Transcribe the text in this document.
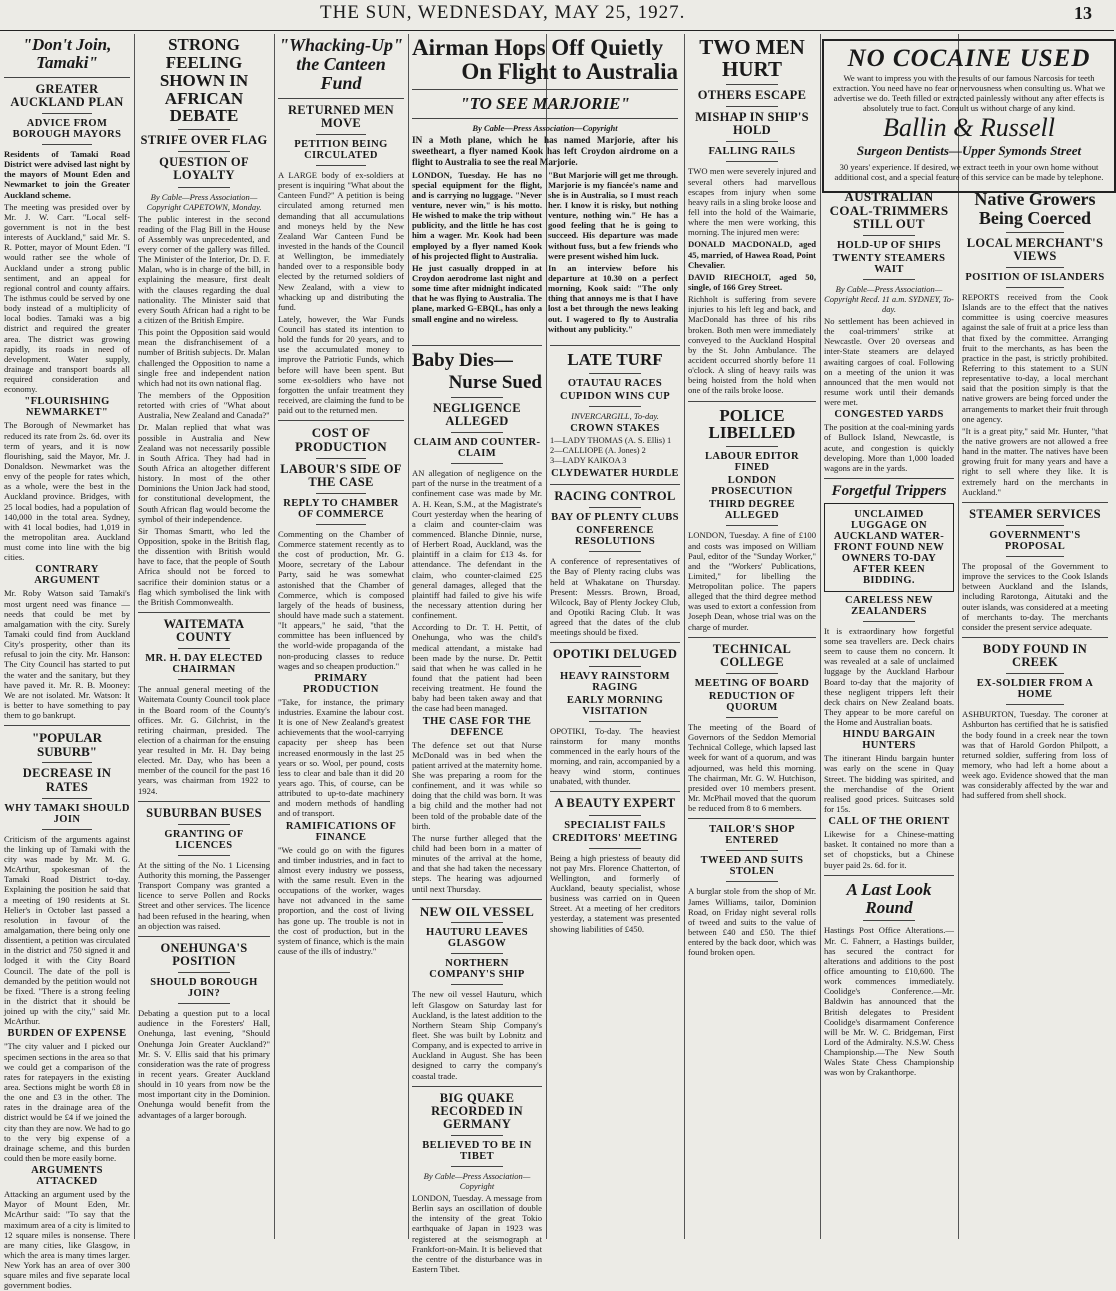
THE SUN, WEDNESDAY, MAY 25, 1927.	13
"Don't Join, Tamaki"
GREATER AUCKLAND PLAN
ADVICE FROM BOROUGH MAYORS
Residents of Tamaki Road District were advised last night by the mayors of Mount Eden and Newmarket to join the Greater Auckland scheme.
The meeting was presided over by Mr. J. W. Carr. "Local self-government is not in the best interests of Auckland," said Mr. S. R. Potter, mayor of Mount Eden. "I would rather see the whole of Auckland under a strong public sentiment, and an appeal for regional control and county affairs. The isthmus could be served by one body instead of a multiplicity of local bodies. Tamaki was a big district and required the greater area. The district was growing rapidly, its roads in need of development. Water supply, drainage and transport boards all required consideration and economy.
"FLOURISHING NEWMARKET"
The Borough of Newmarket has reduced its rate from 2s. 6d. over its term of years, and it is now flourishing, said the Mayor, Mr. J. Donaldson. Newmarket was the envy of the people for rates which, as a whole, were the best in the Auckland province. Bridges, with 25 local bodies, had a population of 140,000 in the total area. Sydney, with 41 local bodies, had 1,019 in the metropolitan area. Auckland must come into line with the big cities.
CONTRARY ARGUMENT
Mr. Roby Watson said Tamaki's most urgent need was finance — needs that could be met by amalgamation with the city. Surely Tamaki could find from Auckland City's prosperity, other than its refusal to join the city. Mr. Hanson: The City Council has started to put the water and the sanitary, but they have paved it. Mr. R. B. Mooney: We are not isolated. Mr. Watson: It is better to have something to pay them to go bankrupt.
"POPULAR SUBURB"
DECREASE IN RATES
WHY TAMAKI SHOULD JOIN
Criticism of the arguments against the linking up of Tamaki with the city was made by Mr. M. G. McArthur, spokesman of the Tamaki Road District to-day. Explaining the position he said that a meeting of 190 residents at St. Helier's in October last passed a resolution in favour of the amalgamation, there being only one dissentient, a petition was circulated in the district and 750 signed it and lodged it with the City Board Council. The date of the poll is demanded by the petition would not be fixed. "There is a strong feeling in the district that it should be joined up with the city," said Mr. McArthur.
BURDEN OF EXPENSE
"The city valuer and I picked our specimen sections in the area so that we could get a comparison of the rates for ratepayers in the existing area. Sections might be worth £8 in the one and £3 in the other. The rates in the drainage area of the district would be £4 if we joined the city than they are now. We had to go to the very big expense of a drainage scheme, and this burden could then be more easily borne.
ARGUMENTS ATTACKED
Attacking an argument used by the Mayor of Mount Eden, Mr. McArthur said: "To say that the maximum area of a city is limited to 12 square miles is nonsense. There are many cities, like Glasgow, in which the area is many times larger. New York has an area of over 300 square miles and five separate local government bodies.
STRONG FEELING SHOWN IN AFRICAN DEBATE
STRIFE OVER FLAG
QUESTION OF LOYALTY
By Cable—Press Association—Copyright CAPETOWN, Monday.
The public interest in the second reading of the Flag Bill in the House of Assembly was unprecedented, and every corner of the gallery was filled. The Minister of the Interior, Dr. D. F. Malan, who is in charge of the bill, in explaining the measure, first dealt with the clauses regarding the dual nationality. The Minister said that every South African had a right to be a citizen of the British Empire.
This point the Opposition said would mean the disfranchisement of a number of British subjects. Dr. Malan challenged the Opposition to name a single free and independent nation which had not its own national flag.
The members of the Opposition retorted with cries of "What about Australia, New Zealand and Canada?"
Dr. Malan replied that what was possible in Australia and New Zealand was not necessarily possible in South Africa. They had had in South Africa an altogether different history. In most of the other Dominions the Union Jack had stood, for constitutional development, the South African flag would become the symbol of their independence.
Sir Thomas Smartt, who led the Opposition, spoke in the British flag, the dissention with British would have to face, that the people of South Africa should not be forced to sacrifice their dominion status or a flag which symbolised the link with the British Commonwealth.
WAITEMATA COUNTY
MR. H. DAY ELECTED CHAIRMAN
The annual general meeting of the Waitemata County Council took place in the Board room of the County's offices. Mr. G. Gilchrist, in the retiring chairman, presided. The election of a chairman for the ensuing year resulted in Mr. H. Day being elected. Mr. Day, who has been a member of the council for the past 16 years, was chairman from 1922 to 1924.
SUBURBAN BUSES
GRANTING OF LICENCES
At the sitting of the No. 1 Licensing Authority this morning, the Passenger Transport Company was granted a licence to serve Pollen and Rocks Street and other services. The licence had been refused in the hearing, when an objection was raised.
ONEHUNGA'S POSITION
SHOULD BOROUGH JOIN?
Debating a question put to a local audience in the Foresters' Hall, Onehunga, last evening, "Should Onehunga Join Greater Auckland?" Mr. S. V. Ellis said that his primary consideration was the rate of progress in recent years. Greater Auckland should in 10 years from now be the most important city in the Dominion. Onehunga would benefit from the advantages of a larger borough.
"Whacking-Up" the Canteen Fund
RETURNED MEN MOVE
PETITION BEING CIRCULATED
A LARGE body of ex-soldiers at present is inquiring "What about the Canteen Fund?" A petition is being circulated among returned men demanding that all accumulations and moneys held by the New Zealand War Canteen Fund be invested in the hands of the Council at Wellington, be immediately handed over to a responsible body elected by the returned soldiers of New Zealand, with a view to whacking up and distributing the fund.
Lately, however, the War Funds Council has stated its intention to hold the funds for 20 years, and to use the accumulated money to improve the Patriotic Funds, which before will have been spent. But some ex-soldiers who have not forgotten the unfair treatment they received, are claiming the fund to be paid out to the returned men.
COST OF PRODUCTION
LABOUR'S SIDE OF THE CASE
REPLY TO CHAMBER OF COMMERCE
Commenting on the Chamber of Commerce statement recently as to the cost of production, Mr. G. Moore, secretary of the Labour Party, said he was somewhat astonished that the Chamber of Commerce, which is composed largely of the heads of business, should have made such a statement. "It appears," he said, "that the committee has been influenced by the world-wide propaganda of the non-producing classes to reduce wages and so cheapen production."
PRIMARY PRODUCTION
"Take, for instance, the primary industries. Examine the labour cost. It is one of New Zealand's greatest achievements that the wool-carrying capacity per sheep has been increased enormously in the last 25 years or so. Wool, per pound, costs less to clear and bale than it did 20 years ago. This, of course, can be attributed to up-to-date machinery and modern methods of handling and of transport.
RAMIFICATIONS OF FINANCE
"We could go on with the figures and timber industries, and in fact to almost every industry we possess, with the same result. Even in the occupations of the worker, wages have not advanced in the same proportion, and the cost of living has gone up. The trouble is not in the cost of production, but in the system of finance, which is the main cause of the ills of industry."
Airman Hops Off Quietly
On Flight to Australia
"TO SEE MARJORIE"
By Cable—Press Association—Copyright
IN a Moth plane, which he has named Marjorie, after his sweetheart, a flyer named Kook has left Croydon airdrome on a flight to Australia to see the real Marjorie.
LONDON, Tuesday. He has no special equipment for the flight, and is carrying no luggage. "Never venture, never win," is his motto. He wished to make the trip without publicity, and the little he has cost him a wager. Mr. Kook had been employed by a flyer named Kook of his projected flight to Australia.
He just casually dropped in at Croydon aerodrome last night and some time after midnight indicated that he was flying to Australia. The plane, marked G-EBQL, has only a small engine and no wireless.
"But Marjorie will get me through. Marjorie is my fiancée's name and she is in Australia, so I must reach her. I know it is risky, but nothing venture, nothing win." He has a good feeling that he is going to succeed. His departure was made without fuss, but a few friends who were present wished him luck.
In an interview before his departure at 10.30 on a perfect morning, Kook said: "The only thing that annoys me is that I have lost a bet through the news leaking out. I wagered to fly to Australia without any publicity."
Baby Dies—
Nurse Sued
NEGLIGENCE ALLEGED
CLAIM AND COUNTER-CLAIM
AN allegation of negligence on the part of the nurse in the treatment of a confinement case was made by Mr. A. H. Kean, S.M., at the Magistrate's Court yesterday when the hearing of a claim and counter-claim was commenced. Blanche Dinnie, nurse, of Herbert Road, Auckland, was the plaintiff in a claim for £13 4s. for attendance. The defendant in the claim, who counter-claimed £25 general damages, alleged that the plaintiff had failed to give his wife the necessary attention during her confinement.
According to Dr. T. H. Pettit, of Onehunga, who was the child's medical attendant, a mistake had been made by the nurse. Dr. Pettit said that when he was called in he found that the patient had been receiving treatment. He found the baby had been taken away and that the case had been managed.
THE CASE FOR THE DEFENCE
The defence set out that Nurse McDonald was in bed when the patient arrived at the maternity home. She was preparing a room for the confinement, and it was while so doing that the child was born. It was a big child and the mother had not been told of the probable date of the birth.
The nurse further alleged that the child had been born in a matter of minutes of the arrival at the home, and that she had taken the necessary steps. The hearing was adjourned until next Thursday.
NEW OIL VESSEL
HAUTURU LEAVES GLASGOW
NORTHERN COMPANY'S SHIP
The new oil vessel Hauturu, which left Glasgow on Saturday last for Auckland, is the latest addition to the Northern Steam Ship Company's fleet. She was built by Lobnitz and Company, and is expected to arrive in Auckland in August. She has been designed to carry the company's coastal trade.
BIG QUAKE RECORDED IN GERMANY
BELIEVED TO BE IN TIBET
By Cable—Press Association—Copyright
LONDON, Tuesday. A message from Berlin says an oscillation of double the intensity of the great Tokio earthquake of Japan in 1923 was registered at the seismograph at Frankfort-on-Main. It is believed that the centre of the disturbance was in Eastern Tibet.
LATE TURF
OTAUTAU RACES
CUPIDON WINS CUP
INVERCARGILL, To-day.
CROWN STAKES
1—LADY THOMAS (A. S. Ellis) 1
2—CALLIOPE (A. Jones) 2
3—LADY KAIKOA 3
CLYDEWATER HURDLE
RACING CONTROL
BAY OF PLENTY CLUBS
CONFERENCE RESOLUTIONS
A conference of representatives of the Bay of Plenty racing clubs was held at Whakatane on Thursday. Present: Messrs. Brown, Broad, Wilcock, Bay of Plenty Jockey Club, and Opotiki Racing Club. It was agreed that the dates of the club meetings should be fixed.
OPOTIKI DELUGED
HEAVY RAINSTORM RAGING
EARLY MORNING VISITATION
OPOTIKI, To-day. The heaviest rainstorm for many months commenced in the early hours of the morning, and rain, accompanied by a heavy wind storm, continues unabated, with thunder.
A BEAUTY EXPERT
SPECIALIST FAILS
CREDITORS' MEETING
Being a high priestess of beauty did not pay Mrs. Florence Chatterton, of Wellington, and formerly of Auckland, beauty specialist, whose business was carried on in Queen Street. At a meeting of her creditors yesterday, a statement was presented showing liabilities of £450.
TWO MEN HURT
OTHERS ESCAPE
MISHAP IN SHIP'S HOLD
FALLING RAILS
TWO men were severely injured and several others had marvellous escapes from injury when some heavy rails in a sling broke loose and fell into the hold of the Waimarie, where the men were working, this morning. The injured men were:
DONALD MACDONALD, aged 45, married, of Hawea Road, Point Chevalier.
DAVID RIECHOLT, aged 50, single, of 166 Grey Street.
Richholt is suffering from severe injuries to his left leg and back, and MacDonald has three of his ribs broken. Both men were immediately conveyed to the Auckland Hospital by the St. John Ambulance. The accident occurred shortly before 11 o'clock. A sling of heavy rails was being hoisted from the hold when one of the rails broke loose.
POLICE LIBELLED
LABOUR EDITOR FINED
LONDON PROSECUTION
THIRD DEGREE ALLEGED
LONDON, Tuesday. A fine of £100 and costs was imposed on William Paul, editor of the "Sunday Worker," and the "Workers' Publications, Limited," for libelling the Metropolitan police. The papers alleged that the third degree method was used to extort a confession from Joseph Dean, whose trial was on the charge of murder.
TECHNICAL COLLEGE
MEETING OF BOARD
REDUCTION OF QUORUM
The meeting of the Board of Governors of the Seddon Memorial Technical College, which lapsed last week for want of a quorum, and was adjourned, was held this morning. The chairman, Mr. G. W. Hutchison, presided over 10 members present. Mr. McPhail moved that the quorum be reduced from 8 to 6 members.
TAILOR'S SHOP ENTERED
TWEED AND SUITS STOLEN
A burglar stole from the shop of Mr. James Williams, tailor, Dominion Road, on Friday night several rolls of tweed and suits to the value of between £40 and £50. The thief entered by the back door, which was found broken open.
NO COCAINE USED
We want to impress you with the results of our famous Narcosis for teeth extraction. You need have no fear or nervousness when consulting us. What we advertise we do. Teeth filled or extracted painlessly without any after effects is absolutely true to fact. Consult us without charge of any kind.
Ballin & Russell
Surgeon Dentists—Upper Symonds Street
30 years' experience. If desired, we extract teeth in your own home without additional cost, and a special feature of this service can be made by telephone.
AUSTRALIAN COAL-TRIMMERS STILL OUT
HOLD-UP OF SHIPS
TWENTY STEAMERS WAIT
By Cable—Press Association—Copyright Recd. 11 a.m. SYDNEY, To-day.
No settlement has been achieved in the coal-trimmers' strike at Newcastle. Over 20 overseas and inter-State steamers are delayed awaiting cargoes of coal. Following on a meeting of the union it was announced that the men would not resume work until their demands were met.
CONGESTED YARDS
The position at the coal-mining yards of Bullock Island, Newcastle, is acute, and congestion is quickly developing. More than 1,000 loaded wagons are in the yards.
Forgetful Trippers
UNCLAIMED LUGGAGE ON AUCKLAND WATER-FRONT FOUND NEW OWNERS TO-DAY AFTER KEEN BIDDING.
CARELESS NEW ZEALANDERS
It is extraordinary how forgetful some sea travellers are. Deck chairs seem to cause them no concern. It was revealed at a sale of unclaimed luggage by the Auckland Harbour Board to-day that the majority of these negligent trippers left their deck chairs on New Zealand boats. They appear to be more careful on the Home and Australian boats.
HINDU BARGAIN HUNTERS
The itinerant Hindu bargain hunter was early on the scene in Quay Street. The bidding was spirited, and the merchandise of the Orient realised good prices. Suitcases sold for 15s.
CALL OF THE ORIENT
Likewise for a Chinese-matting basket. It contained no more than a set of chopsticks, but a Chinese buyer paid 2s. 6d. for it.
A Last Look Round
Hastings Post Office Alterations.—Mr. C. Fahnerr, a Hastings builder, has secured the contract for alterations and additions to the post office amounting to £10,600. The work commences immediately. Coolidge's Conference.—Mr. Baldwin has announced that the British delegates to President Coolidge's disarmament Conference will be Mr. W. C. Bridgeman, First Lord of the Admiralty. N.S.W. Chess Championship.—The New South Wales State Chess Championship was won by Crakanthorpe.
Native Growers Being Coerced
LOCAL MERCHANT'S VIEWS
POSITION OF ISLANDERS
REPORTS received from the Cook Islands are to the effect that the natives committee is using coercive measures against the sale of fruit at a price less than that fixed by the committee. Arranging fruit to the merchants, as has been the practice in the past, is strictly prohibited. Referring to this statement to a SUN representative to-day, a local merchant said that the position simply is that the native growers are being forced under the arrangements to market their fruit through one agency.
"It is a great pity," said Mr. Hunter, "that the native growers are not allowed a free hand in the matter. The natives have been growing fruit for many years and have a right to sell where they like. It is extremely hard on the merchants in Auckland."
STEAMER SERVICES
GOVERNMENT'S PROPOSAL
The proposal of the Government to improve the services to the Cook Islands between Auckland and the Islands, including Rarotonga, Aitutaki and the outer islands, was considered at a meeting of merchants to-day. The merchants consider the present service adequate.
BODY FOUND IN CREEK
EX-SOLDIER FROM A HOME
ASHBURTON, Tuesday. The coroner at Ashburton has certified that he is satisfied the body found in a creek near the town was that of Harold Gordon Philpott, a returned soldier, suffering from loss of memory, who had left a home about a week ago. Evidence showed that the man was considerably affected by the war and had suffered from shell shock.
